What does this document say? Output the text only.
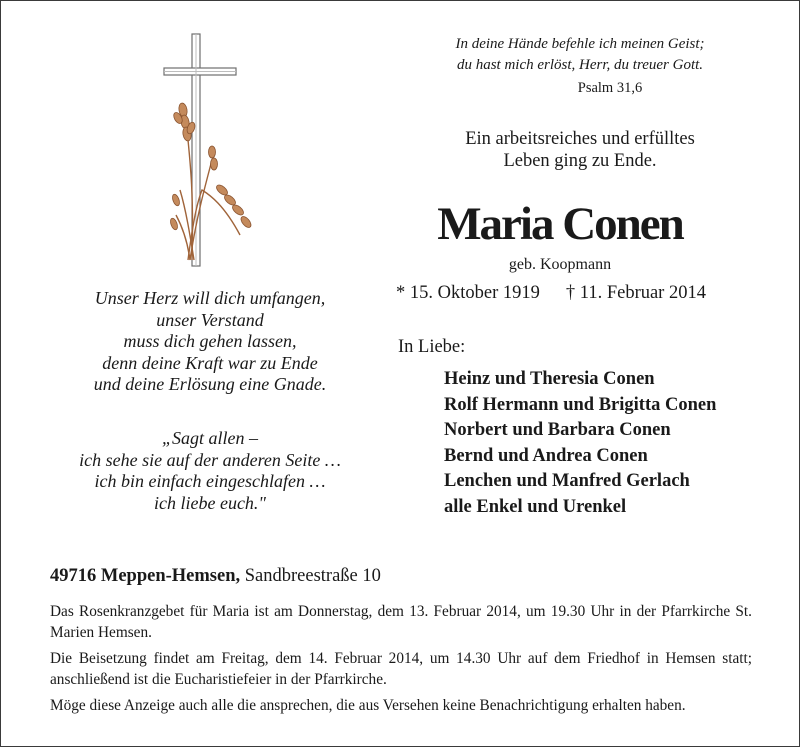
In deine Hände befehle ich meinen Geist;
du hast mich erlöst, Herr, du treuer Gott.
Psalm 31,6
Ein arbeitsreiches und erfülltes
Leben ging zu Ende.
Maria Conen
geb. Koopmann
* 15. Oktober 1919 † 11. Februar 2014
In Liebe:
Heinz und Theresia Conen
Rolf Hermann und Brigitta Conen
Norbert und Barbara Conen
Bernd und Andrea Conen
Lenchen und Manfred Gerlach
alle Enkel und Urenkel
Unser Herz will dich umfangen,
unser Verstand
muss dich gehen lassen,
denn deine Kraft war zu Ende
und deine Erlösung eine Gnade.
„Sagt allen –
ich sehe sie auf der anderen Seite …
ich bin einfach eingeschlafen …
ich liebe euch."
49716 Meppen-Hemsen, Sandbreestraße 10
Das Rosenkranzgebet für Maria ist am Donnerstag, dem 13. Februar 2014, um 19.30 Uhr in der Pfarrkirche St. Marien Hemsen.
Die Beisetzung findet am Freitag, dem 14. Februar 2014, um 14.30 Uhr auf dem Friedhof in Hemsen statt; anschließend ist die Eucharistiefeier in der Pfarrkirche.
Möge diese Anzeige auch alle die ansprechen, die aus Versehen keine Benachrichtigung erhalten haben.
